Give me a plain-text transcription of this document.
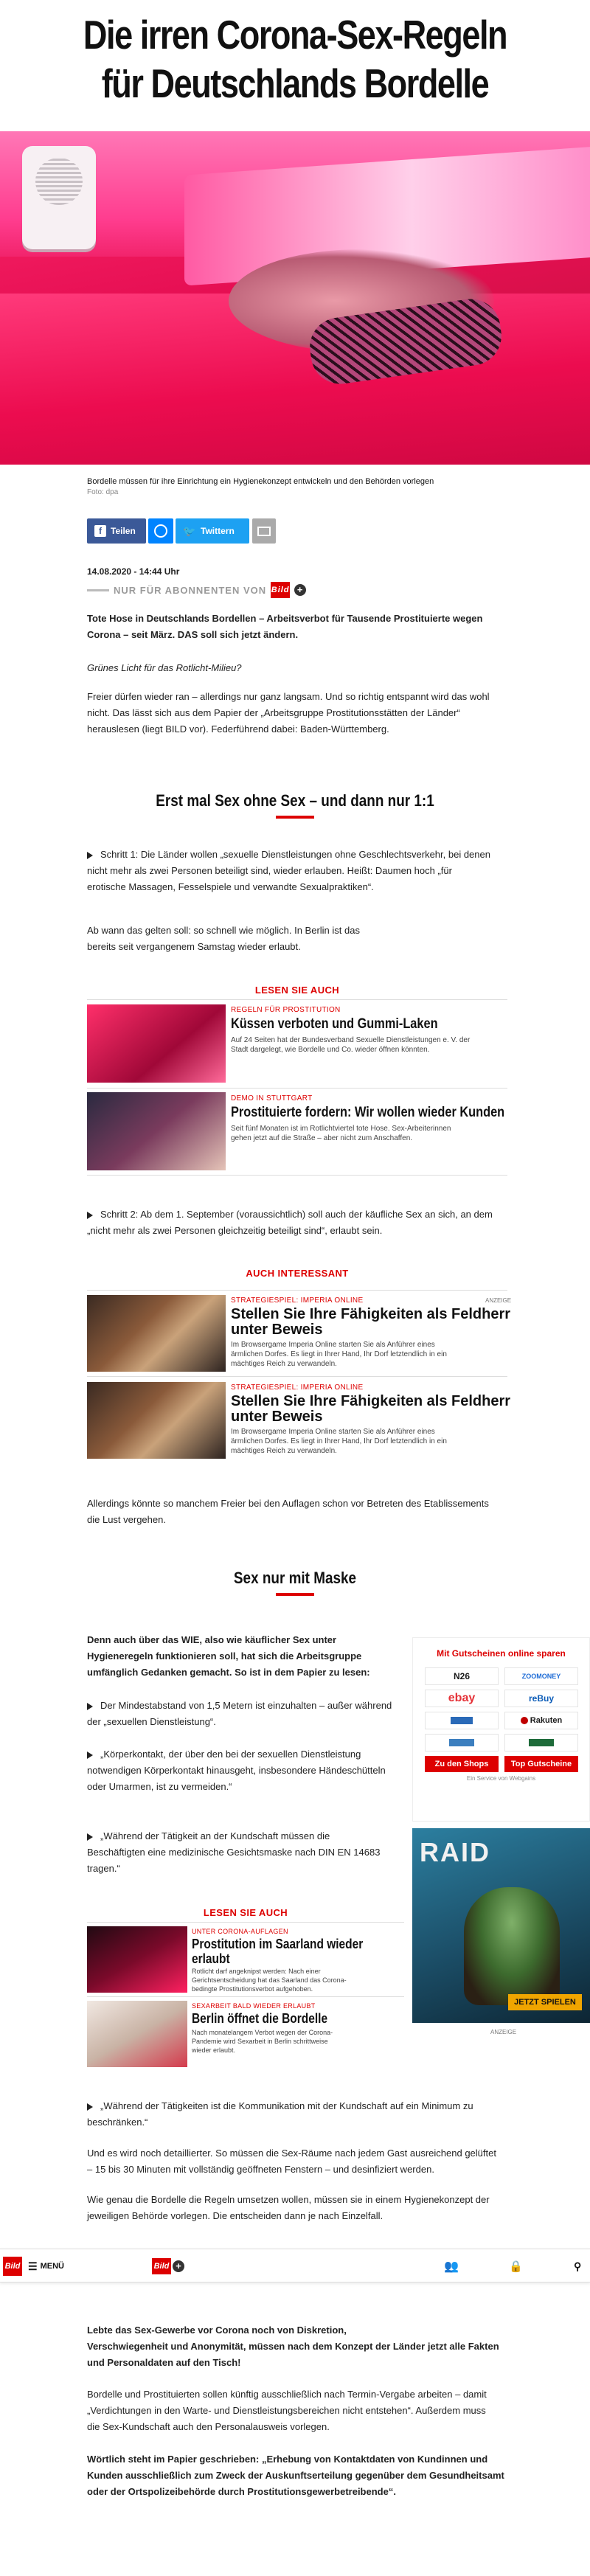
Die irren Corona-Sex-Regeln
für Deutschlands Bordelle
Bordelle müssen für ihre Einrichtung ein Hygienekonzept entwickeln und den Behörden vorlegen
Foto: dpa
f	Teilen	🐦 Twittern
14.08.2020 - 14:44 Uhr
NUR FÜR ABONNENTEN VON Bild +
Tote Hose in Deutschlands Bordellen – Arbeitsverbot für Tausende Prostituierte wegen
Corona – seit März. DAS soll sich jetzt ändern.
Grünes Licht für das Rotlicht-Milieu?
Freier dürfen wieder ran – allerdings nur ganz langsam. Und so richtig entspannt wird das wohl
nicht. Das lässt sich aus dem Papier der „Arbeitsgruppe Prostitutionsstätten der Länder“
herauslesen (liegt BILD vor). Federführend dabei: Baden-Württemberg.
Erst mal Sex ohne Sex – und dann nur 1:1
Schritt 1: Die Länder wollen „sexuelle Dienstleistungen ohne Geschlechtsverkehr, bei denen
nicht mehr als zwei Personen beteiligt sind, wieder erlauben. Heißt: Daumen hoch „für
erotische Massagen, Fesselspiele und verwandte Sexualpraktiken“.
Ab wann das gelten soll: so schnell wie möglich. In Berlin ist das
bereits seit vergangenem Samstag wieder erlaubt.
LESEN SIE AUCH
REGELN FÜR PROSTITUTION
Küssen verboten und Gummi-Laken
Auf 24 Seiten hat der Bundesverband Sexuelle Dienstleistungen e. V. der
Stadt dargelegt, wie Bordelle und Co. wieder öffnen könnten.
DEMO IN STUTTGART
Prostituierte fordern: Wir wollen wieder Kunden
Seit fünf Monaten ist im Rotlichtviertel tote Hose. Sex-Arbeiterinnen
gehen jetzt auf die Straße – aber nicht zum Anschaffen.
Schritt 2: Ab dem 1. September (voraussichtlich) soll auch der käufliche Sex an sich, an dem
„nicht mehr als zwei Personen gleichzeitig beteiligt sind“, erlaubt sein.
AUCH INTERESSANT
STRATEGIESPIEL: IMPERIA ONLINE	ANZEIGE
Stellen Sie Ihre Fähigkeiten als Feldherr
unter Beweis
Im Browsergame Imperia Online starten Sie als Anführer eines
ärmlichen Dorfes. Es liegt in Ihrer Hand, Ihr Dorf letztendlich in ein
mächtiges Reich zu verwandeln.
STRATEGIESPIEL: IMPERIA ONLINE
Stellen Sie Ihre Fähigkeiten als Feldherr
unter Beweis
Im Browsergame Imperia Online starten Sie als Anführer eines
ärmlichen Dorfes. Es liegt in Ihrer Hand, Ihr Dorf letztendlich in ein
mächtiges Reich zu verwandeln.
Allerdings könnte so manchem Freier bei den Auflagen schon vor Betreten des Etablissements
die Lust vergehen.
Sex nur mit Maske
Denn auch über das WIE, also wie käuflicher Sex unter
Hygieneregeln funktionieren soll, hat sich die Arbeitsgruppe
umfänglich Gedanken gemacht. So ist in dem Papier zu lesen:
Der Mindestabstand von 1,5 Metern ist einzuhalten – außer während
der „sexuellen Dienstleistung“.
„Körperkontakt, der über den bei der sexuellen Dienstleistung
notwendigen Körperkontakt hinausgeht, insbesondere Händeschütteln
oder Umarmen, ist zu vermeiden.“
„Während der Tätigkeit an der Kundschaft müssen die
Beschäftigten eine medizinische Gesichtsmaske nach DIN EN 14683
tragen.“
LESEN SIE AUCH
UNTER CORONA-AUFLAGEN
Prostitution im Saarland wieder
erlaubt
Rotlicht darf angeknipst werden: Nach einer
Gerichtsentscheidung hat das Saarland das Corona-
bedingte Prostitutionsverbot aufgehoben.
SEXARBEIT BALD WIEDER ERLAUBT
Berlin öffnet die Bordelle
Nach monatelangem Verbot wegen der Corona-
Pandemie wird Sexarbeit in Berlin schrittweise
wieder erlaubt.
Mit Gutscheinen online sparen
N26	ZOOMONEY
ebay	reBuy
Rakuten
Zu den Shops	Top Gutscheine
Ein Service von Webgains
RAID
JETZT SPIELEN
ANZEIGE
„Während der Tätigkeiten ist die Kommunikation mit der Kundschaft auf ein Minimum zu
beschränken.“
Und es wird noch detaillierter. So müssen die Sex-Räume nach jedem Gast ausreichend gelüftet
– 15 bis 30 Minuten mit vollständig geöffneten Fenstern – und desinfiziert werden.
Wie genau die Bordelle die Regeln umsetzen wollen, müssen sie in einem Hygienekonzept der
jeweiligen Behörde vorlegen. Die entscheiden dann je nach Einzelfall.
Bild ☰ MENÜ	Bild +	👥	🔒	⚲
Lebte das Sex-Gewerbe vor Corona noch von Diskretion,
Verschwiegenheit und Anonymität, müssen nach dem Konzept der Länder jetzt alle Fakten
und Personaldaten auf den Tisch!
Bordelle und Prostituierten sollen künftig ausschließlich nach Termin-Vergabe arbeiten – damit
„Verdichtungen in den Warte- und Dienstleistungsbereichen nicht entstehen“. Außerdem muss
die Sex-Kundschaft auch den Personalausweis vorlegen.
Wörtlich steht im Papier geschrieben: „Erhebung von Kontaktdaten von Kundinnen und
Kunden ausschließlich zum Zweck der Auskunftserteilung gegenüber dem Gesundheitsamt
oder der Ortspolizeibehörde durch Prostitutionsgewerbetreibende“.
